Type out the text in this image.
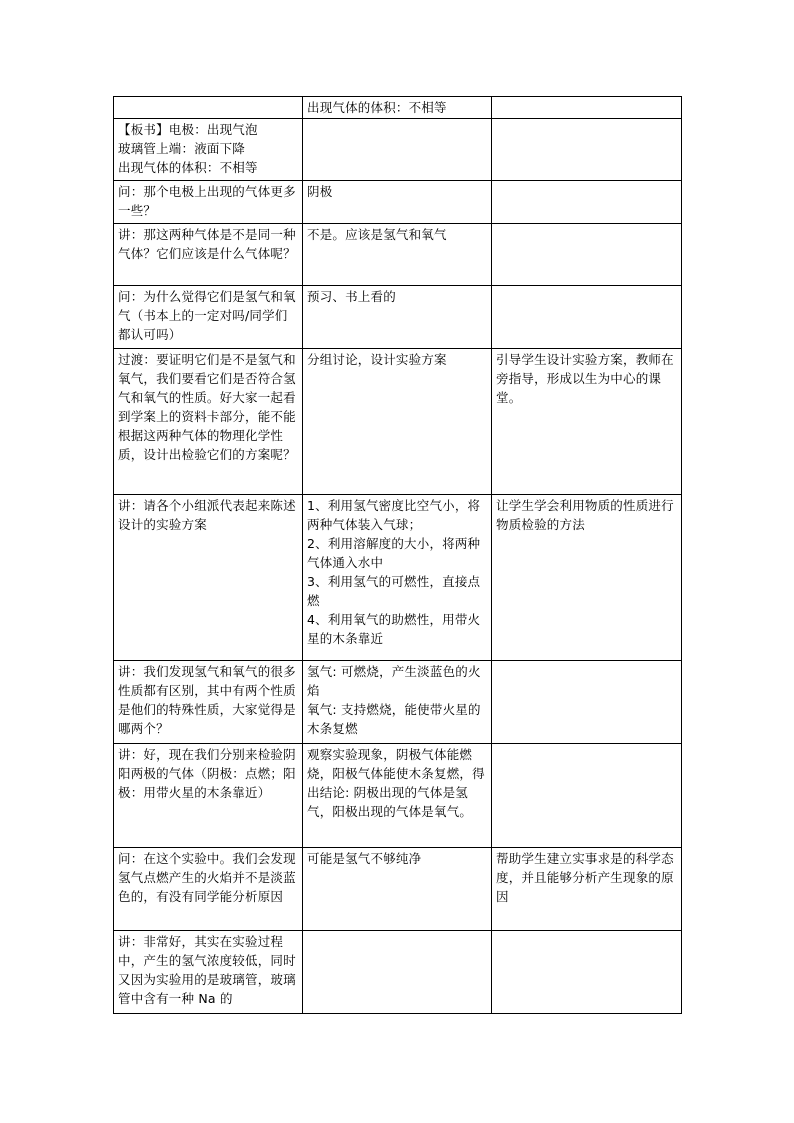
	出现气体的体积：不相等	
【板书】电极：出现气泡
玻璃管上端：液面下降
出现气体的体积：不相等		
问：那个电极上出现的气体更多一些？	阴极	
讲：那这两种气体是不是同一种气体？它们应该是什么气体呢？	不是。应该是氢气和氧气	
问：为什么觉得它们是氢气和氧气（书本上的一定对吗/同学们都认可吗）	预习、书上看的	
过渡：要证明它们是不是氢气和氧气，我们要看它们是否符合氢气和氧气的性质。好大家一起看到学案上的资料卡部分，能不能根据这两种气体的物理化学性质，设计出检验它们的方案呢？	分组讨论，设计实验方案	引导学生设计实验方案，教师在旁指导，形成以生为中心的课堂。
讲：请各个小组派代表起来陈述设计的实验方案	1、利用氢气密度比空气小，将两种气体装入气球；
2、利用溶解度的大小，将两种气体通入水中
3、利用氢气的可燃性，直接点燃
4、利用氧气的助燃性，用带火星的木条靠近	让学生学会利用物质的性质进行物质检验的方法
讲：我们发现氢气和氧气的很多性质都有区别，其中有两个性质是他们的特殊性质，大家觉得是哪两个？	氢气: 可燃烧，产生淡蓝色的火焰
氧气: 支持燃烧，能使带火星的木条复燃	
讲：好，现在我们分别来检验阴阳两极的气体（阴极：点燃；阳极：用带火星的木条靠近）	观察实验现象，阴极气体能燃烧，阳极气体能使木条复燃，得出结论: 阴极出现的气体是氢气，阳极出现的气体是氧气。	
问：在这个实验中。我们会发现氢气点燃产生的火焰并不是淡蓝色的，有没有同学能分析原因	可能是氢气不够纯净	帮助学生建立实事求是的科学态度，并且能够分析产生现象的原因
讲：非常好，其实在实验过程中，产生的氢气浓度较低，同时又因为实验用的是玻璃管，玻璃管中含有一种 Na 的		
